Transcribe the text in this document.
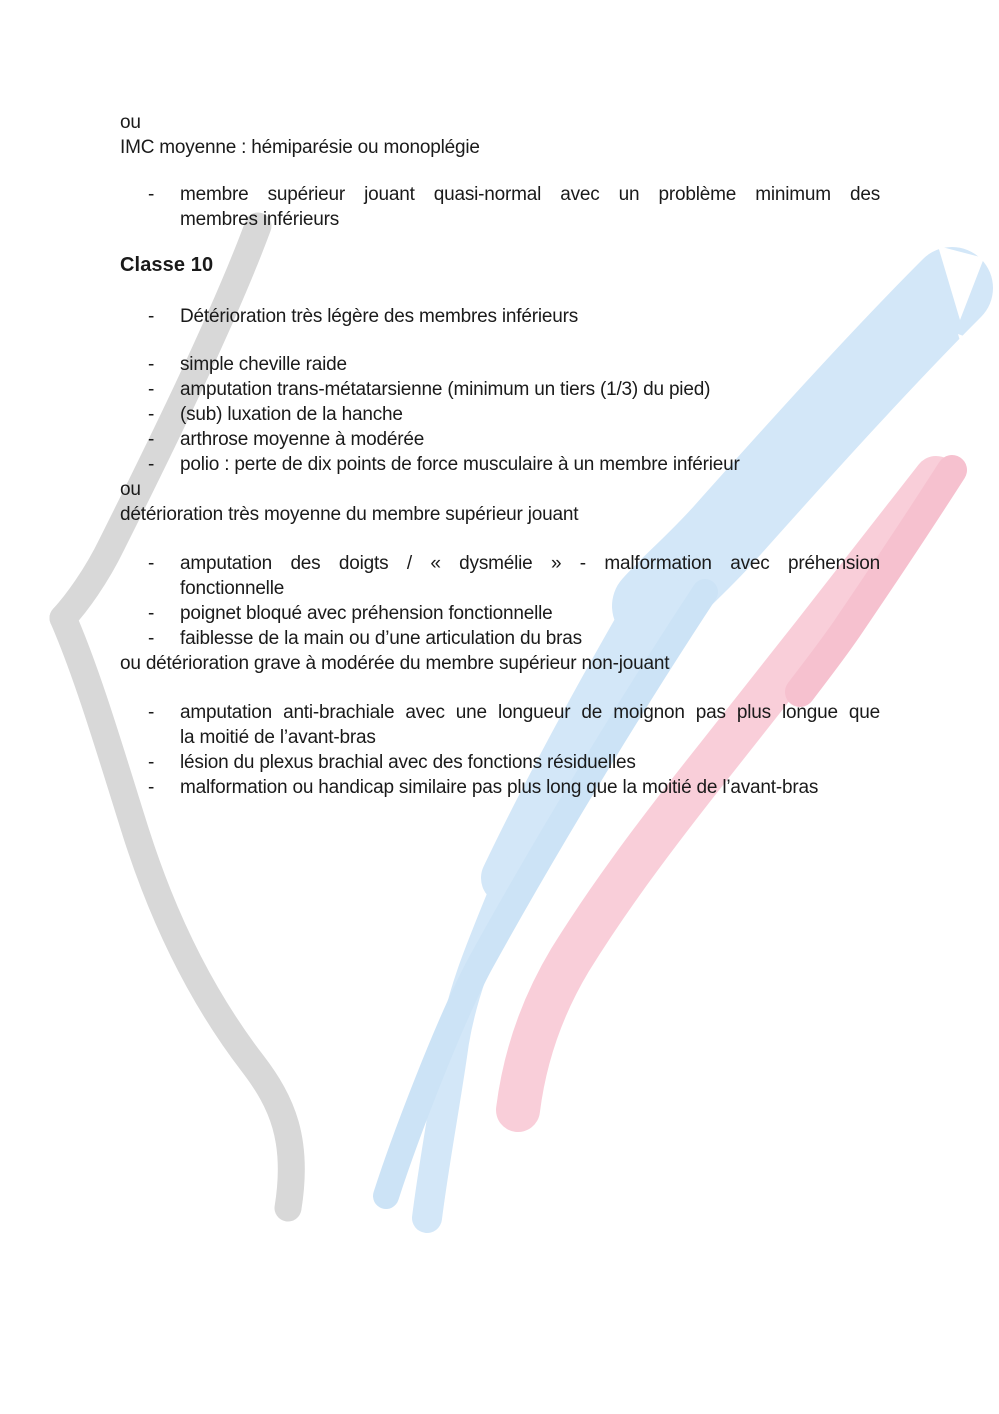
ou

IMC moyenne : hémiparésie ou monoplégie

- membre supérieur jouant quasi-normal avec un problème minimum des
membres inférieurs
Classe 10
- Détérioration très légère des membres inférieurs
- simple cheville raide
- amputation trans-métatarsienne (minimum un tiers (1/3) du pied)
- (sub) luxation de la hanche
- arthrose moyenne à modérée
- polio : perte de dix points de force musculaire à un membre inférieur

ou

détérioration très moyenne du membre supérieur jouant

- amputation des doigts / « dysmélie » - malformation avec préhension
fonctionnelle
- poignet bloqué avec préhension fonctionnelle
- faiblesse de la main ou d’une articulation du bras

ou détérioration grave à modérée du membre supérieur non-jouant

- amputation anti-brachiale avec une longueur de moignon pas plus longue que
la moitié de l’avant-bras
- lésion du plexus brachial avec des fonctions résiduelles
- malformation ou handicap similaire pas plus long que la moitié de l’avant-bras
